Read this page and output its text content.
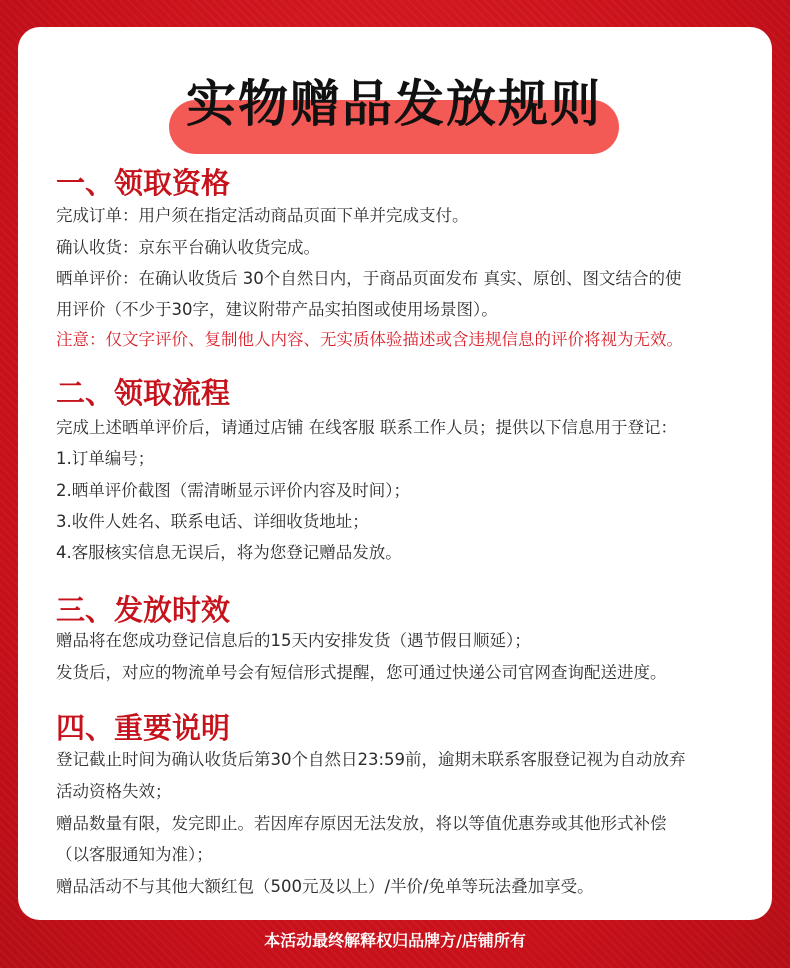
实物赠品发放规则
一、领取资格
完成订单：用户须在指定活动商品页面下单并完成支付。
确认收货：京东平台确认收货完成。
晒单评价：在确认收货后 30个自然日内，于商品页面发布 真实、原创、图文结合的使
用评价（不少于30字，建议附带产品实拍图或使用场景图）。
注意：仅文字评价、复制他人内容、无实质体验描述或含违规信息的评价将视为无效。
二、领取流程
完成上述晒单评价后，请通过店铺 在线客服 联系工作人员；提供以下信息用于登记：
1.订单编号；
2.晒单评价截图（需清晰显示评价内容及时间）；
3.收件人姓名、联系电话、详细收货地址；
4.客服核实信息无误后，将为您登记赠品发放。
三、发放时效
赠品将在您成功登记信息后的15天内安排发货（遇节假日顺延）；
发货后，对应的物流单号会有短信形式提醒，您可通过快递公司官网查询配送进度。
四、重要说明
登记截止时间为确认收货后第30个自然日23:59前，逾期未联系客服登记视为自动放弃
活动资格失效；
赠品数量有限，发完即止。若因库存原因无法发放，将以等值优惠券或其他形式补偿
（以客服通知为准）；
赠品活动不与其他大额红包（500元及以上）/半价/免单等玩法叠加享受。
本活动最终解释权归品牌方/店铺所有
